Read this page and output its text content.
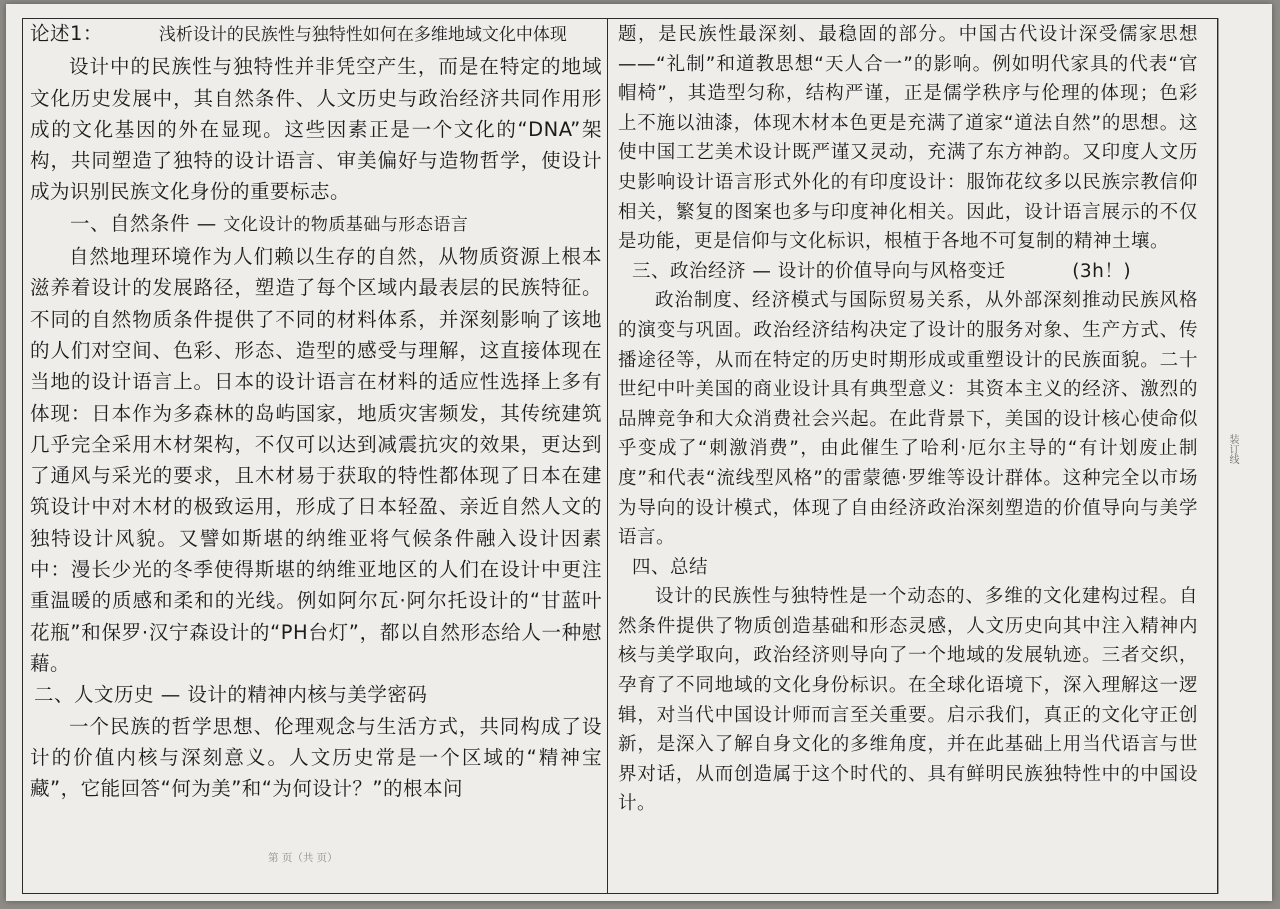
装订线
论述1：	浅析设计的民族性与独特性如何在多维地域文化中体现

设计中的民族性与独特性并非凭空产生，而是在特定的地域文化历史发展中，其自然条件、人文历史与政治经济共同作用形成的文化基因的外在显现。这些因素正是一个文化的“DNA”架构，共同塑造了独特的设计语言、审美偏好与造物哲学，使设计成为识别民族文化身份的重要标志。

一、自然条件 — 文化设计的物质基础与形态语言

自然地理环境作为人们赖以生存的自然，从物质资源上根本滋养着设计的发展路径，塑造了每个区域内最表层的民族特征。不同的自然物质条件提供了不同的材料体系，并深刻影响了该地的人们对空间、色彩、形态、造型的感受与理解，这直接体现在当地的设计语言上。日本的设计语言在材料的适应性选择上多有体现：日本作为多森林的岛屿国家，地质灾害频发，其传统建筑几乎完全采用木材架构，不仅可以达到减震抗灾的效果，更达到了通风与采光的要求，且木材易于获取的特性都体现了日本在建筑设计中对木材的极致运用，形成了日本轻盈、亲近自然人文的独特设计风貌。又譬如斯堪的纳维亚将气候条件融入设计因素中：漫长少光的冬季使得斯堪的纳维亚地区的人们在设计中更注重温暖的质感和柔和的光线。例如阿尔瓦·阿尔托设计的“甘蓝叶花瓶”和保罗·汉宁森设计的“PH台灯”，都以自然形态给人一种慰藉。

二、人文历史 — 设计的精神内核与美学密码

一个民族的哲学思想、伦理观念与生活方式，共同构成了设计的价值内核与深刻意义。人文历史常是一个区域的“精神宝藏”，它能回答“何为美”和“为何设计？”的根本问

题，是民族性最深刻、最稳固的部分。中国古代设计深受儒家思想——“礼制”和道教思想“天人合一”的影响。例如明代家具的代表“官帽椅”，其造型匀称，结构严谨，正是儒学秩序与伦理的体现；色彩上不施以油漆，体现木材本色更是充满了道家“道法自然”的思想。这使中国工艺美术设计既严谨又灵动，充满了东方神韵。又印度人文历史影响设计语言形式外化的有印度设计：服饰花纹多以民族宗教信仰相关，繁复的图案也多与印度神化相关。因此，设计语言展示的不仅是功能，更是信仰与文化标识，根植于各地不可复制的精神土壤。

三、政治经济 — 设计的价值导向与风格变迁	(3h！)

政治制度、经济模式与国际贸易关系，从外部深刻推动民族风格的演变与巩固。政治经济结构决定了设计的服务对象、生产方式、传播途径等，从而在特定的历史时期形成或重塑设计的民族面貌。二十世纪中叶美国的商业设计具有典型意义：其资本主义的经济、激烈的品牌竞争和大众消费社会兴起。在此背景下，美国的设计核心使命似乎变成了“刺激消费”，由此催生了哈利·厄尔主导的“有计划废止制度”和代表“流线型风格”的雷蒙德·罗维等设计群体。这种完全以市场为导向的设计模式，体现了自由经济政治深刻塑造的价值导向与美学语言。

四、总结

设计的民族性与独特性是一个动态的、多维的文化建构过程。自然条件提供了物质创造基础和形态灵感，人文历史向其中注入精神内核与美学取向，政治经济则导向了一个地域的发展轨迹。三者交织，孕育了不同地域的文化身份标识。在全球化语境下，深入理解这一逻辑，对当代中国设计师而言至关重要。启示我们，真正的文化守正创新，是深入了解自身文化的多维角度，并在此基础上用当代语言与世界对话，从而创造属于这个时代的、具有鲜明民族独特性中的中国设计。

第 页（共 页）
